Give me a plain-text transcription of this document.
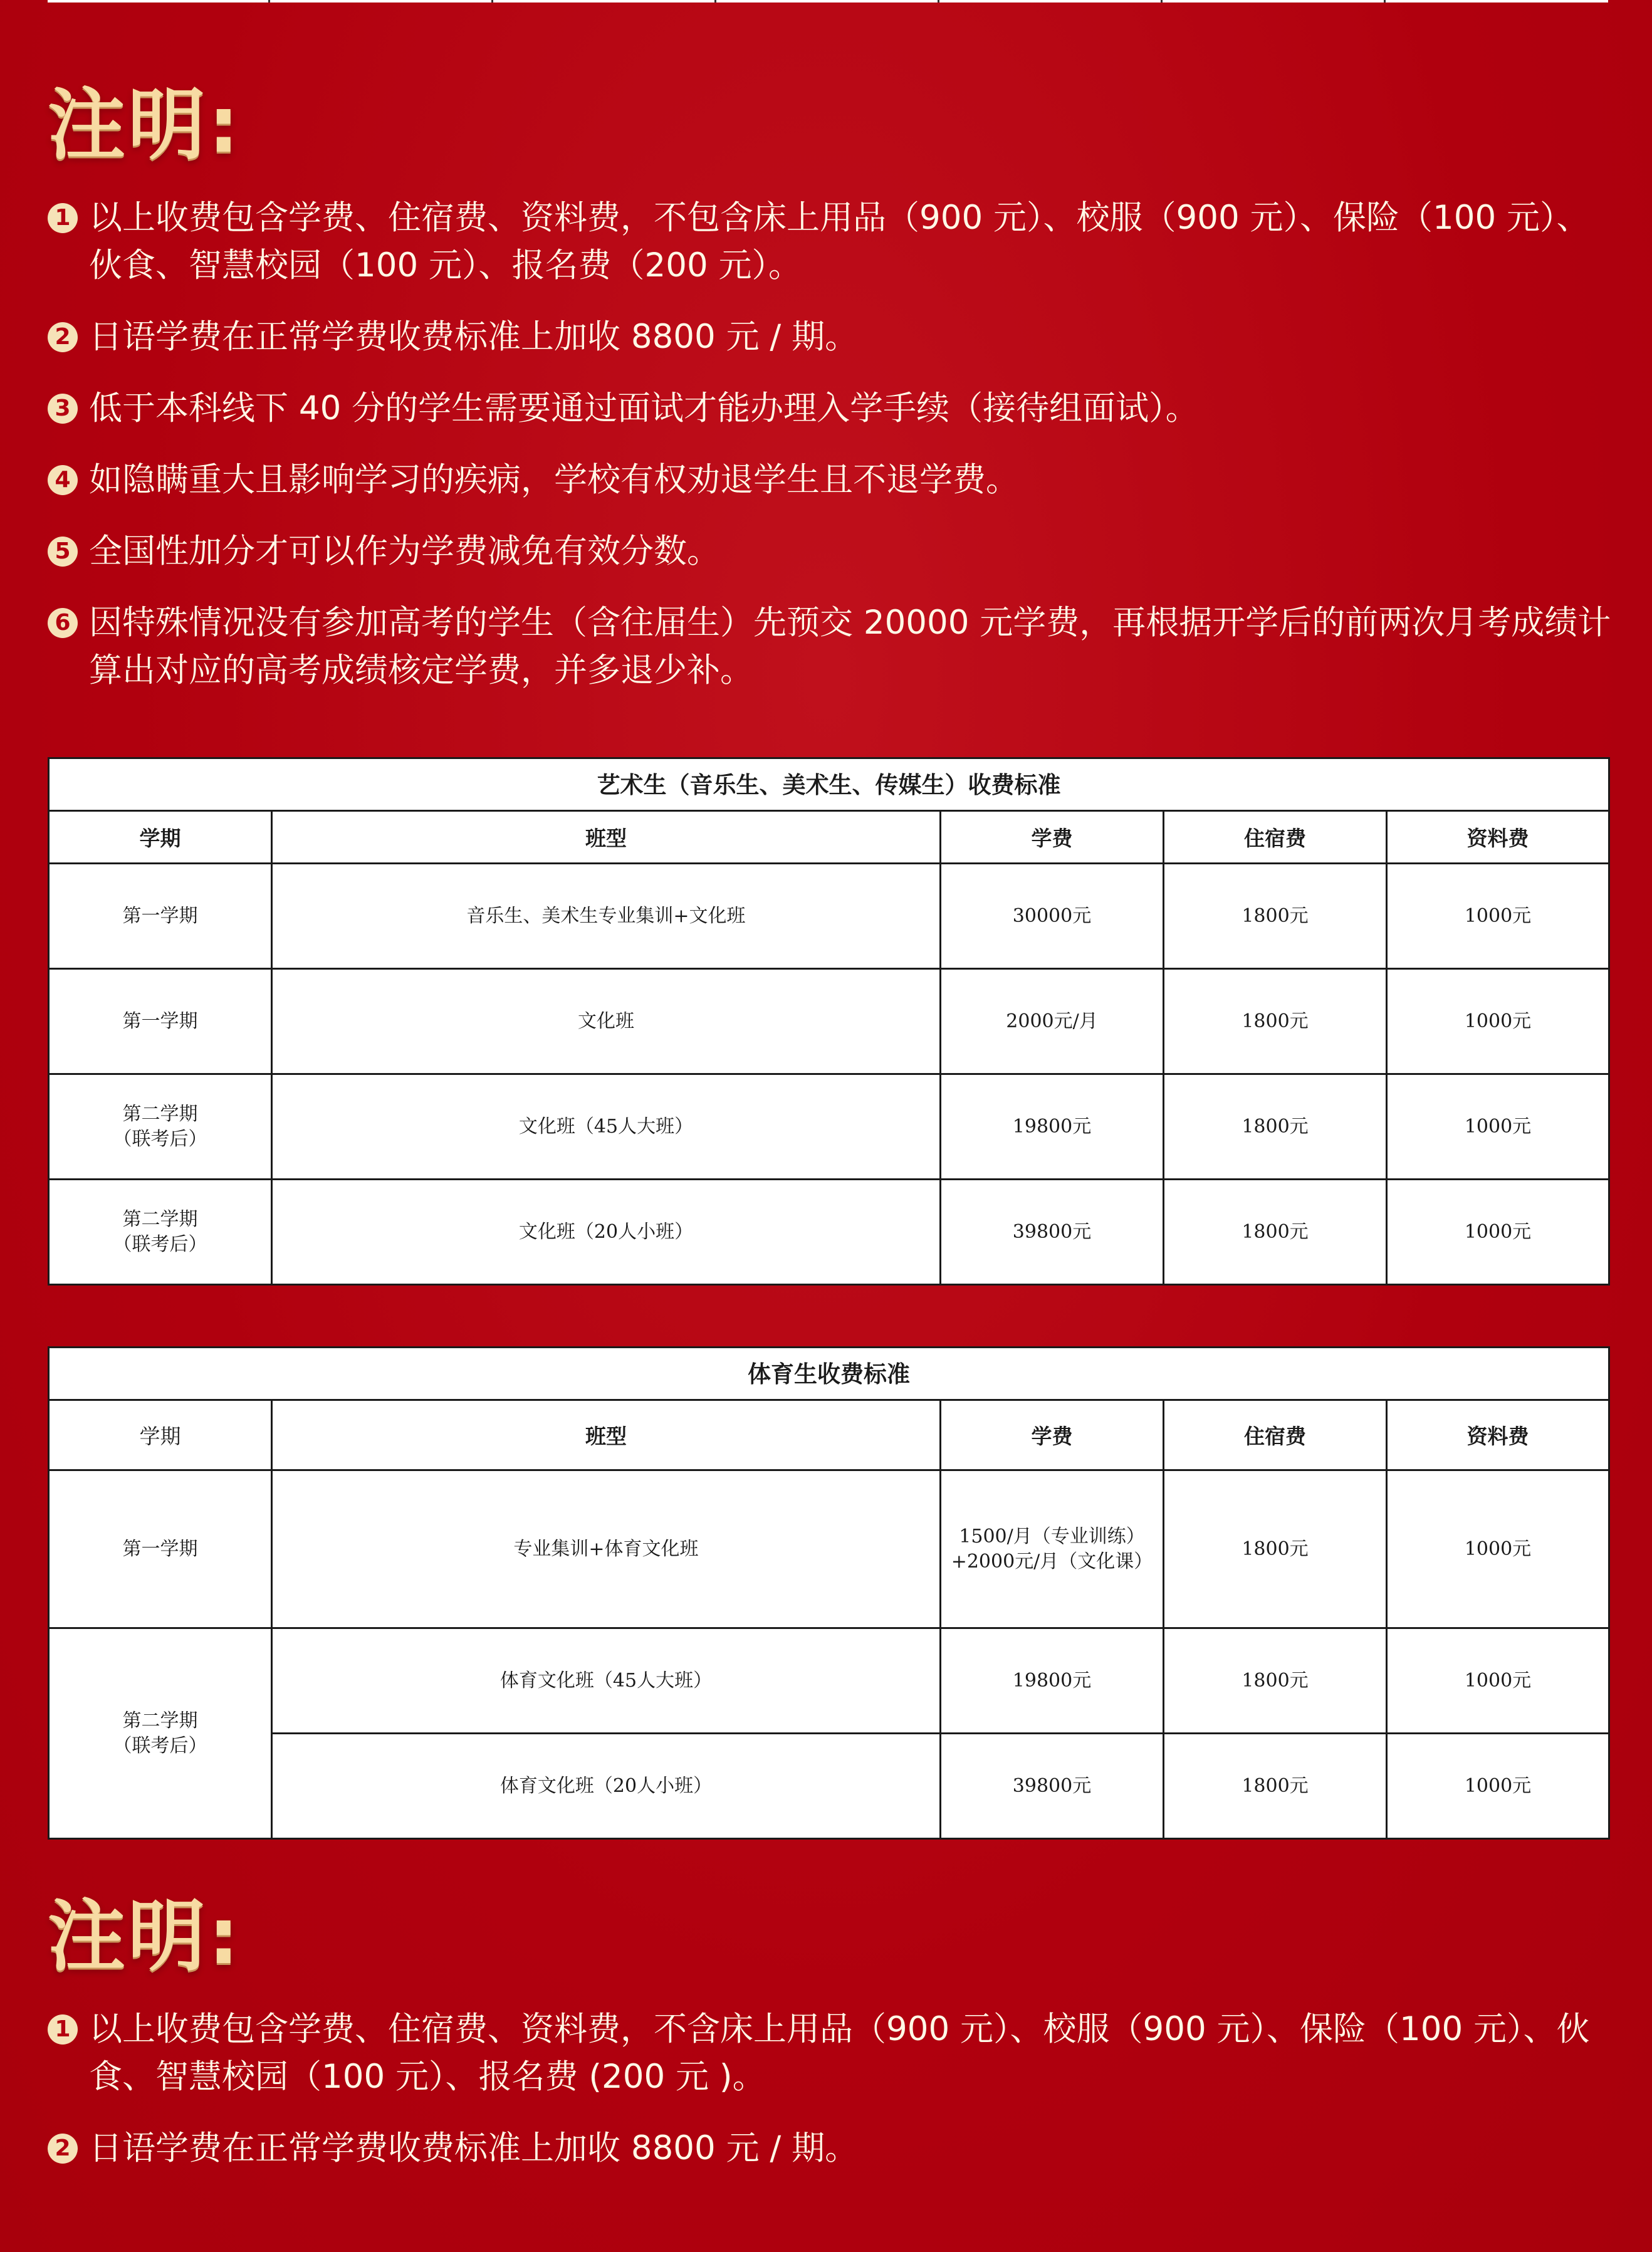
注明:
1 以上收费包含学费、住宿费、资料费，不包含床上用品（900 元）、校服（900 元）、保险（100 元）、伙食、智慧校园（100 元）、报名费（200 元）。
2 日语学费在正常学费收费标准上加收 8800 元 / 期。
3 低于本科线下 40 分的学生需要通过面试才能办理入学手续（接待组面试）。
4 如隐瞒重大且影响学习的疾病，学校有权劝退学生且不退学费。
5 全国性加分才可以作为学费减免有效分数。
6 因特殊情况没有参加高考的学生（含往届生）先预交 20000 元学费，再根据开学后的前两次月考成绩计算出对应的高考成绩核定学费，并多退少补。
艺术生（音乐生、美术生、传媒生）收费标准				
学期	班型	学费	住宿费	资料费
第一学期	音乐生、美术生专业集训+文化班	30000元	1800元	1000元
第一学期	文化班	2000元/月	1800元	1000元

第二学期
（联考后）	文化班（45人大班）	19800元	1800元	1000元

第二学期
（联考后）	文化班（20人小班）	39800元	1800元	1000元
体育生收费标准				
学期	班型	学费	住宿费	资料费
第一学期	专业集训+体育文化班	1500/月（专业训练）
+2000元/月（文化课）	1800元	1000元

第二学期
（联考后）	体育文化班（45人大班）	19800元	1800元	1000元
	体育文化班（20人小班）	39800元	1800元	1000元
注明:
1 以上收费包含学费、住宿费、资料费，不含床上用品（900 元）、校服（900 元）、保险（100 元）、伙食、智慧校园（100 元）、报名费 (200 元 )。
2 日语学费在正常学费收费标准上加收 8800 元 / 期。
